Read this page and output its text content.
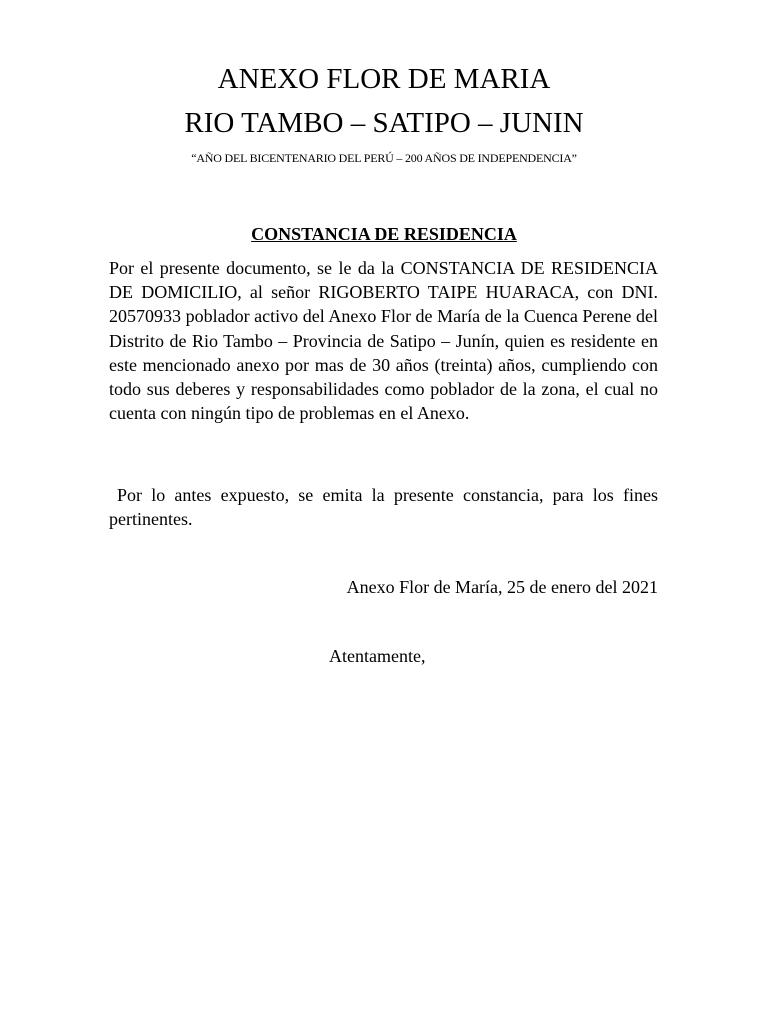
ANEXO FLOR DE MARIA
RIO TAMBO – SATIPO – JUNIN
“AÑO DEL BICENTENARIO DEL PERÚ – 200 AÑOS DE INDEPENDENCIA”
CONSTANCIA DE RESIDENCIA

Por el presente documento, se le da la CONSTANCIA DE RESIDENCIA DE DOMICILIO, al señor RIGOBERTO TAIPE HUARACA, con DNI. 20570933 poblador activo del Anexo Flor de María de la Cuenca Perene del Distrito de Rio Tambo – Provincia de Satipo – Junín, quien es residente en este mencionado anexo por mas de 30 años (treinta) años, cumpliendo con todo sus deberes y responsabilidades como poblador de la zona, el cual no cuenta con ningún tipo de problemas en el Anexo.

Por lo antes expuesto, se emita la presente constancia, para los fines pertinentes.

Anexo Flor de María, 25 de enero del 2021
Atentamente,
